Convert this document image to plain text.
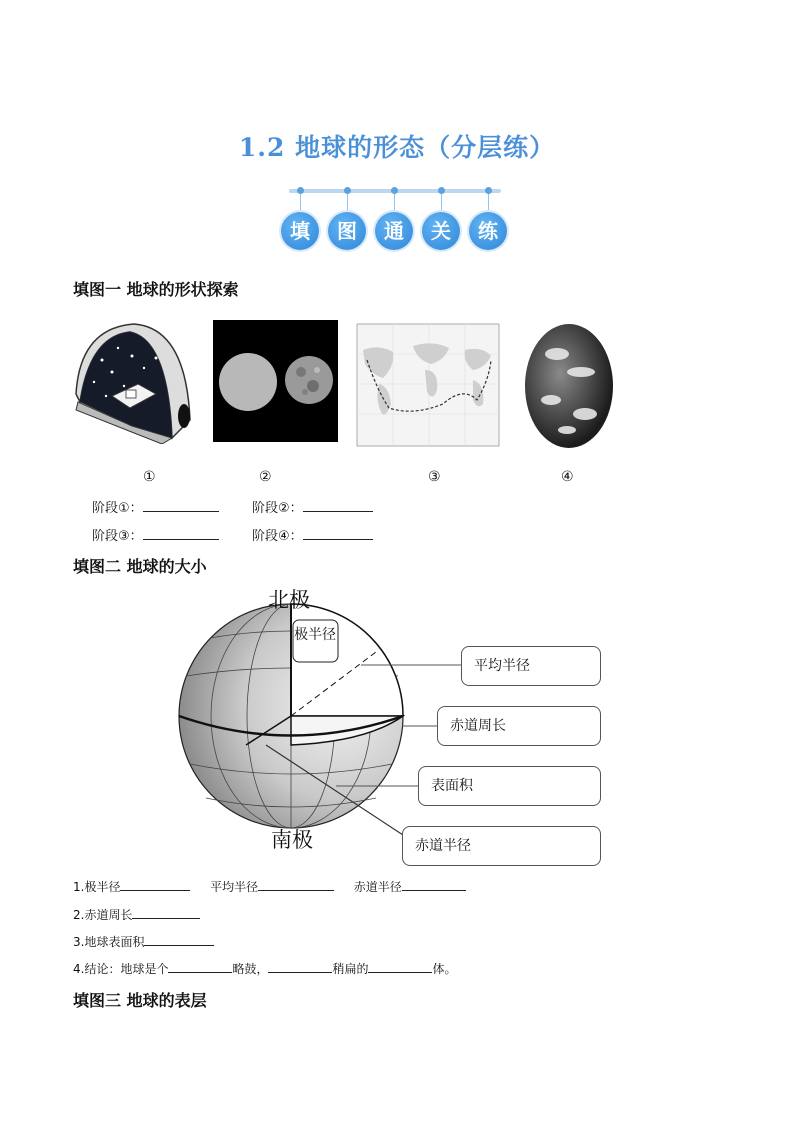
1.2 地球的形态（分层练）
填	图	通	关	练
填图一 地球的形状探索
①	②	③	④
阶段①：	阶段②：
阶段③：	阶段④：
填图二 地球的大小
北极
南极
极半径
平均半径
赤道周长
表面积
赤道半径
1.极半径	平均半径	赤道半径
2.赤道周长
3.地球表面积
4.结论：地球是个	略鼓，	稍扁的	体。
填图三 地球的表层
